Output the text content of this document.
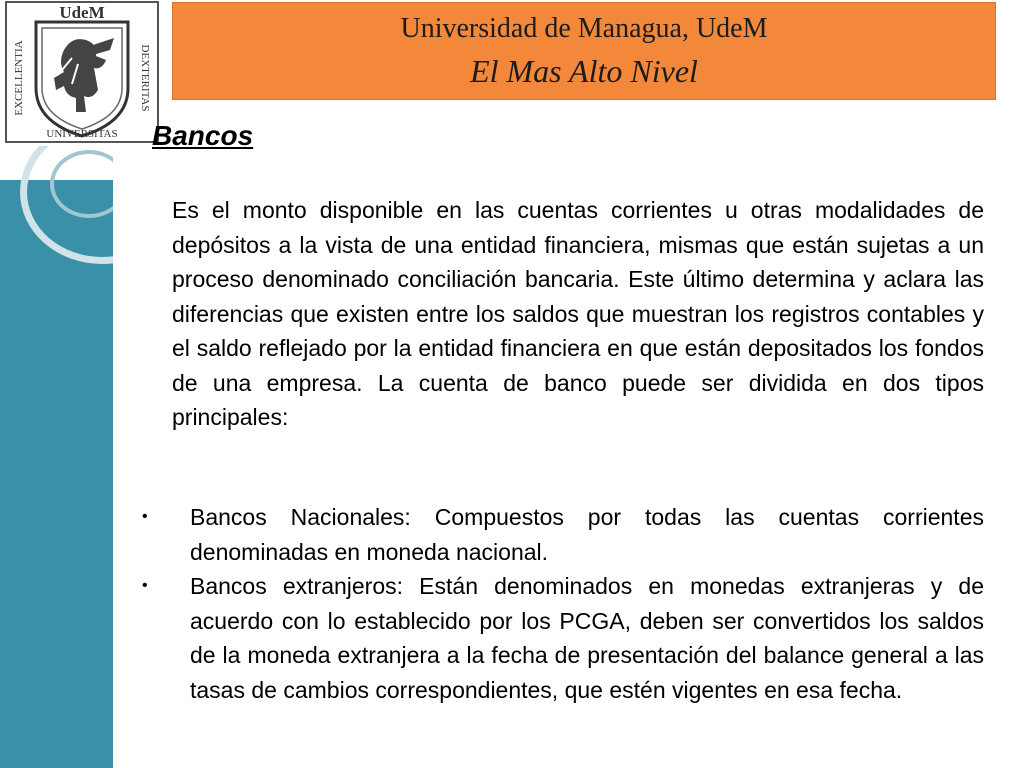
UdeM
EXCELLENTIA	DEXTERITAS
UNIVERSITAS
Universidad de Managua, UdeM
El Mas Alto Nivel
Bancos

Es el monto disponible en las cuentas corrientes u otras modalidades de depósitos a la vista de una entidad financiera, mismas que están sujetas a un proceso denominado conciliación bancaria. Este último determina y aclara las diferencias que existen entre los saldos que muestran los registros contables y el saldo reflejado por la entidad financiera en que están depositados los fondos de una empresa. La cuenta de banco puede ser dividida en dos tipos principales:

• Bancos Nacionales: Compuestos por todas las cuentas corrientes denominadas en moneda nacional.
• Bancos extranjeros: Están denominados en monedas extranjeras y de acuerdo con lo establecido por los PCGA, deben ser convertidos los saldos de la moneda extranjera a la fecha de presentación del balance general a las tasas de cambios correspondientes, que estén vigentes en esa fecha.
